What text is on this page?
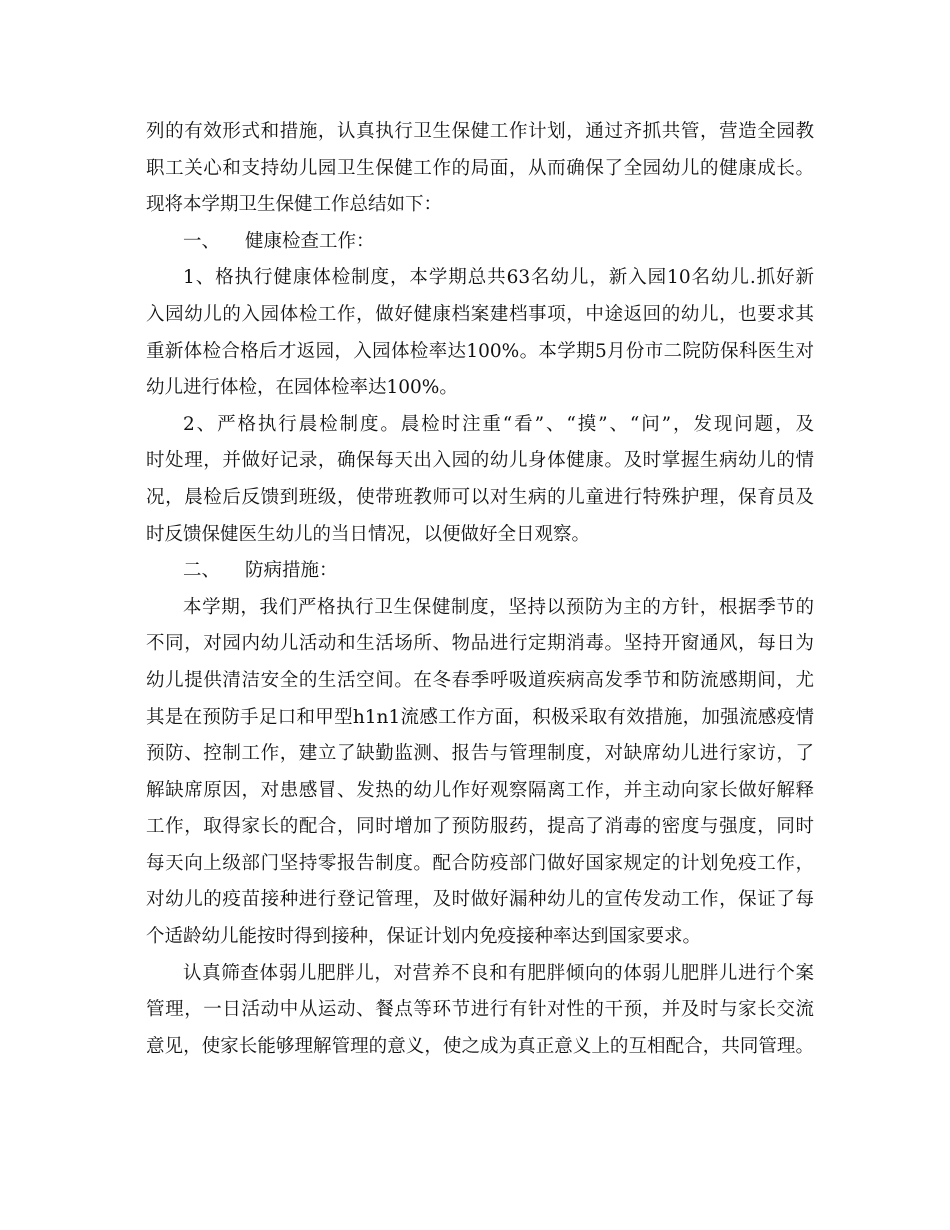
列的有效形式和措施，认真执行卫生保健工作计划，通过齐抓共管，营造全园教
职工关心和支持幼儿园卫生保健工作的局面，从而确保了全园幼儿的健康成长。
现将本学期卫生保健工作总结如下：
一、 健康检查工作：
1、格执行健康体检制度，本学期总共63名幼儿，新入园10名幼儿.抓好新
入园幼儿的入园体检工作，做好健康档案建档事项，中途返回的幼儿，也要求其
重新体检合格后才返园，入园体检率达100%。本学期5月份市二院防保科医生对
幼儿进行体检，在园体检率达100%。
2、严格执行晨检制度。晨检时注重“看”、“摸”、“问”，发现问题，及
时处理，并做好记录，确保每天出入园的幼儿身体健康。及时掌握生病幼儿的情
况，晨检后反馈到班级，使带班教师可以对生病的儿童进行特殊护理，保育员及
时反馈保健医生幼儿的当日情况，以便做好全日观察。
二、 防病措施：
本学期，我们严格执行卫生保健制度，坚持以预防为主的方针，根据季节的
不同，对园内幼儿活动和生活场所、物品进行定期消毒。坚持开窗通风，每日为
幼儿提供清洁安全的生活空间。在冬春季呼吸道疾病高发季节和防流感期间，尤
其是在预防手足口和甲型h1n1流感工作方面，积极采取有效措施，加强流感疫情
预防、控制工作，建立了缺勤监测、报告与管理制度，对缺席幼儿进行家访，了
解缺席原因，对患感冒、发热的幼儿作好观察隔离工作，并主动向家长做好解释
工作，取得家长的配合，同时增加了预防服药，提高了消毒的密度与强度，同时
每天向上级部门坚持零报告制度。配合防疫部门做好国家规定的计划免疫工作，
对幼儿的疫苗接种进行登记管理，及时做好漏种幼儿的宣传发动工作，保证了每
个适龄幼儿能按时得到接种，保证计划内免疫接种率达到国家要求。
认真筛查体弱儿肥胖儿，对营养不良和有肥胖倾向的体弱儿肥胖儿进行个案
管理，一日活动中从运动、餐点等环节进行有针对性的干预，并及时与家长交流
意见，使家长能够理解管理的意义，使之成为真正意义上的互相配合，共同管理。
